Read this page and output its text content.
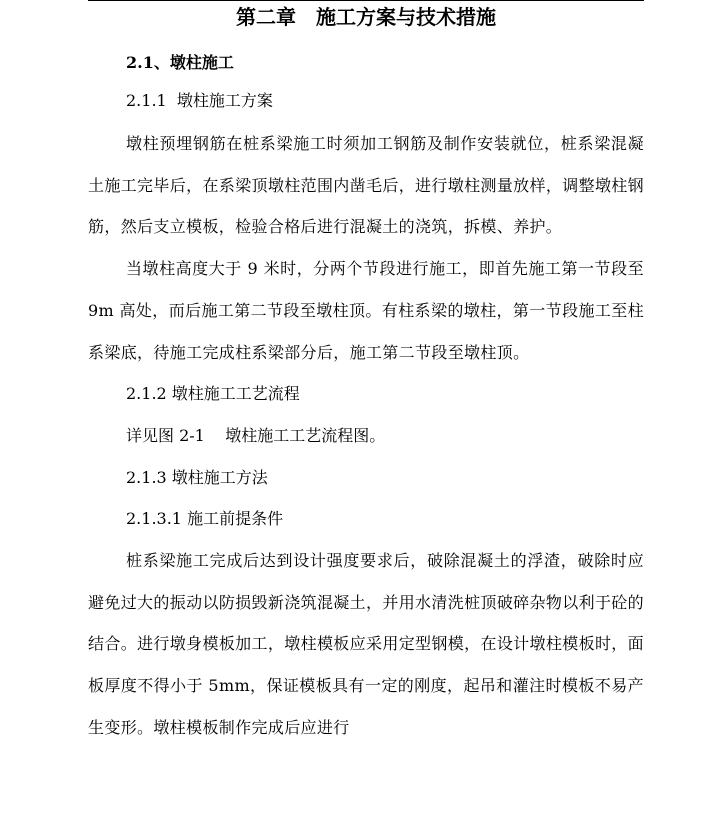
第二章　施工方案与技术措施
2.1、墩柱施工
2.1.1  墩柱施工方案

墩柱预埋钢筋在桩系梁施工时须加工钢筋及制作安装就位，桩系梁混凝土施工完毕后，在系梁顶墩柱范围内凿毛后，进行墩柱测量放样，调整墩柱钢筋，然后支立模板，检验合格后进行混凝土的浇筑，拆模、养护。

当墩柱高度大于 9 米时，分两个节段进行施工，即首先施工第一节段至 9m 高处，而后施工第二节段至墩柱顶。有柱系梁的墩柱，第一节段施工至柱系梁底，待施工完成柱系梁部分后，施工第二节段至墩柱顶。

2.1.2 墩柱施工工艺流程
详见图 2-1    墩柱施工工艺流程图。
2.1.3 墩柱施工方法
2.1.3.1 施工前提条件

桩系梁施工完成后达到设计强度要求后，破除混凝土的浮渣，破除时应避免过大的振动以防损毁新浇筑混凝土，并用水清洗桩顶破碎杂物以利于砼的结合。进行墩身模板加工，墩柱模板应采用定型钢模，在设计墩柱模板时，面板厚度不得小于 5mm，保证模板具有一定的刚度，起吊和灌注时模板不易产生变形。墩柱模板制作完成后应进行
